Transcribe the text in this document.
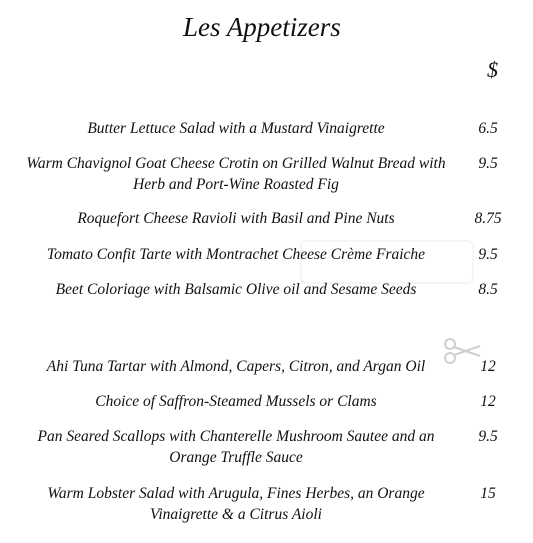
Les Appetizers
$
Butter Lettuce Salad with a Mustard Vinaigrette	6.5
Warm Chavignol Goat Cheese Crotin on Grilled Walnut Bread with
Herb and Port-Wine Roasted Fig
9.5
Roquefort Cheese Ravioli with Basil and Pine Nuts	8.75
Tomato Confit Tarte with Montrachet Cheese Crème Fraiche	9.5
Beet Coloriage with Balsamic Olive oil and Sesame Seeds	8.5
Ahi Tuna Tartar with Almond, Capers, Citron, and Argan Oil	12
Choice of Saffron-Steamed Mussels or Clams	12
Pan Seared Scallops with Chanterelle Mushroom Sautee and an
Orange Truffle Sauce
9.5
Warm Lobster Salad with Arugula, Fines Herbes, an Orange
Vinaigrette & a Citrus Aioli
15
